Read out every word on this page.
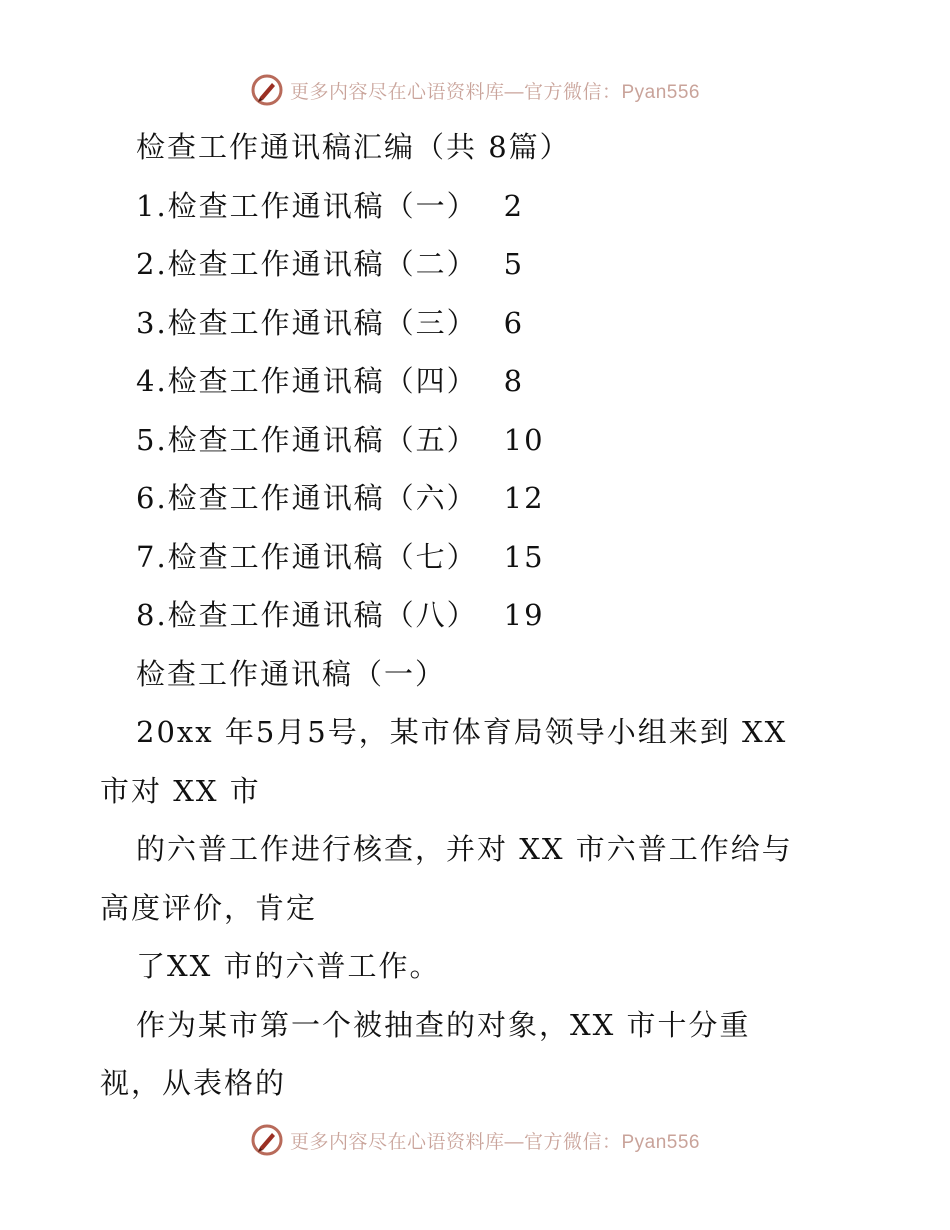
更多内容尽在心语资料库—官方微信：Pyan556
检查工作通讯稿汇编（共 8篇）
1.检查工作通讯稿（一） 2
2.检查工作通讯稿（二） 5
3.检查工作通讯稿（三） 6
4.检查工作通讯稿（四） 8
5.检查工作通讯稿（五） 10
6.检查工作通讯稿（六） 12
7.检查工作通讯稿（七） 15
8.检查工作通讯稿（八） 19
检查工作通讯稿（一）
20xx 年5月5号，某市体育局领导小组来到 XX
市对 XX 市
的六普工作进行核查，并对 XX 市六普工作给与
高度评价，肯定
了XX 市的六普工作。
作为某市第一个被抽查的对象，XX 市十分重
视，从表格的
更多内容尽在心语资料库—官方微信：Pyan556
